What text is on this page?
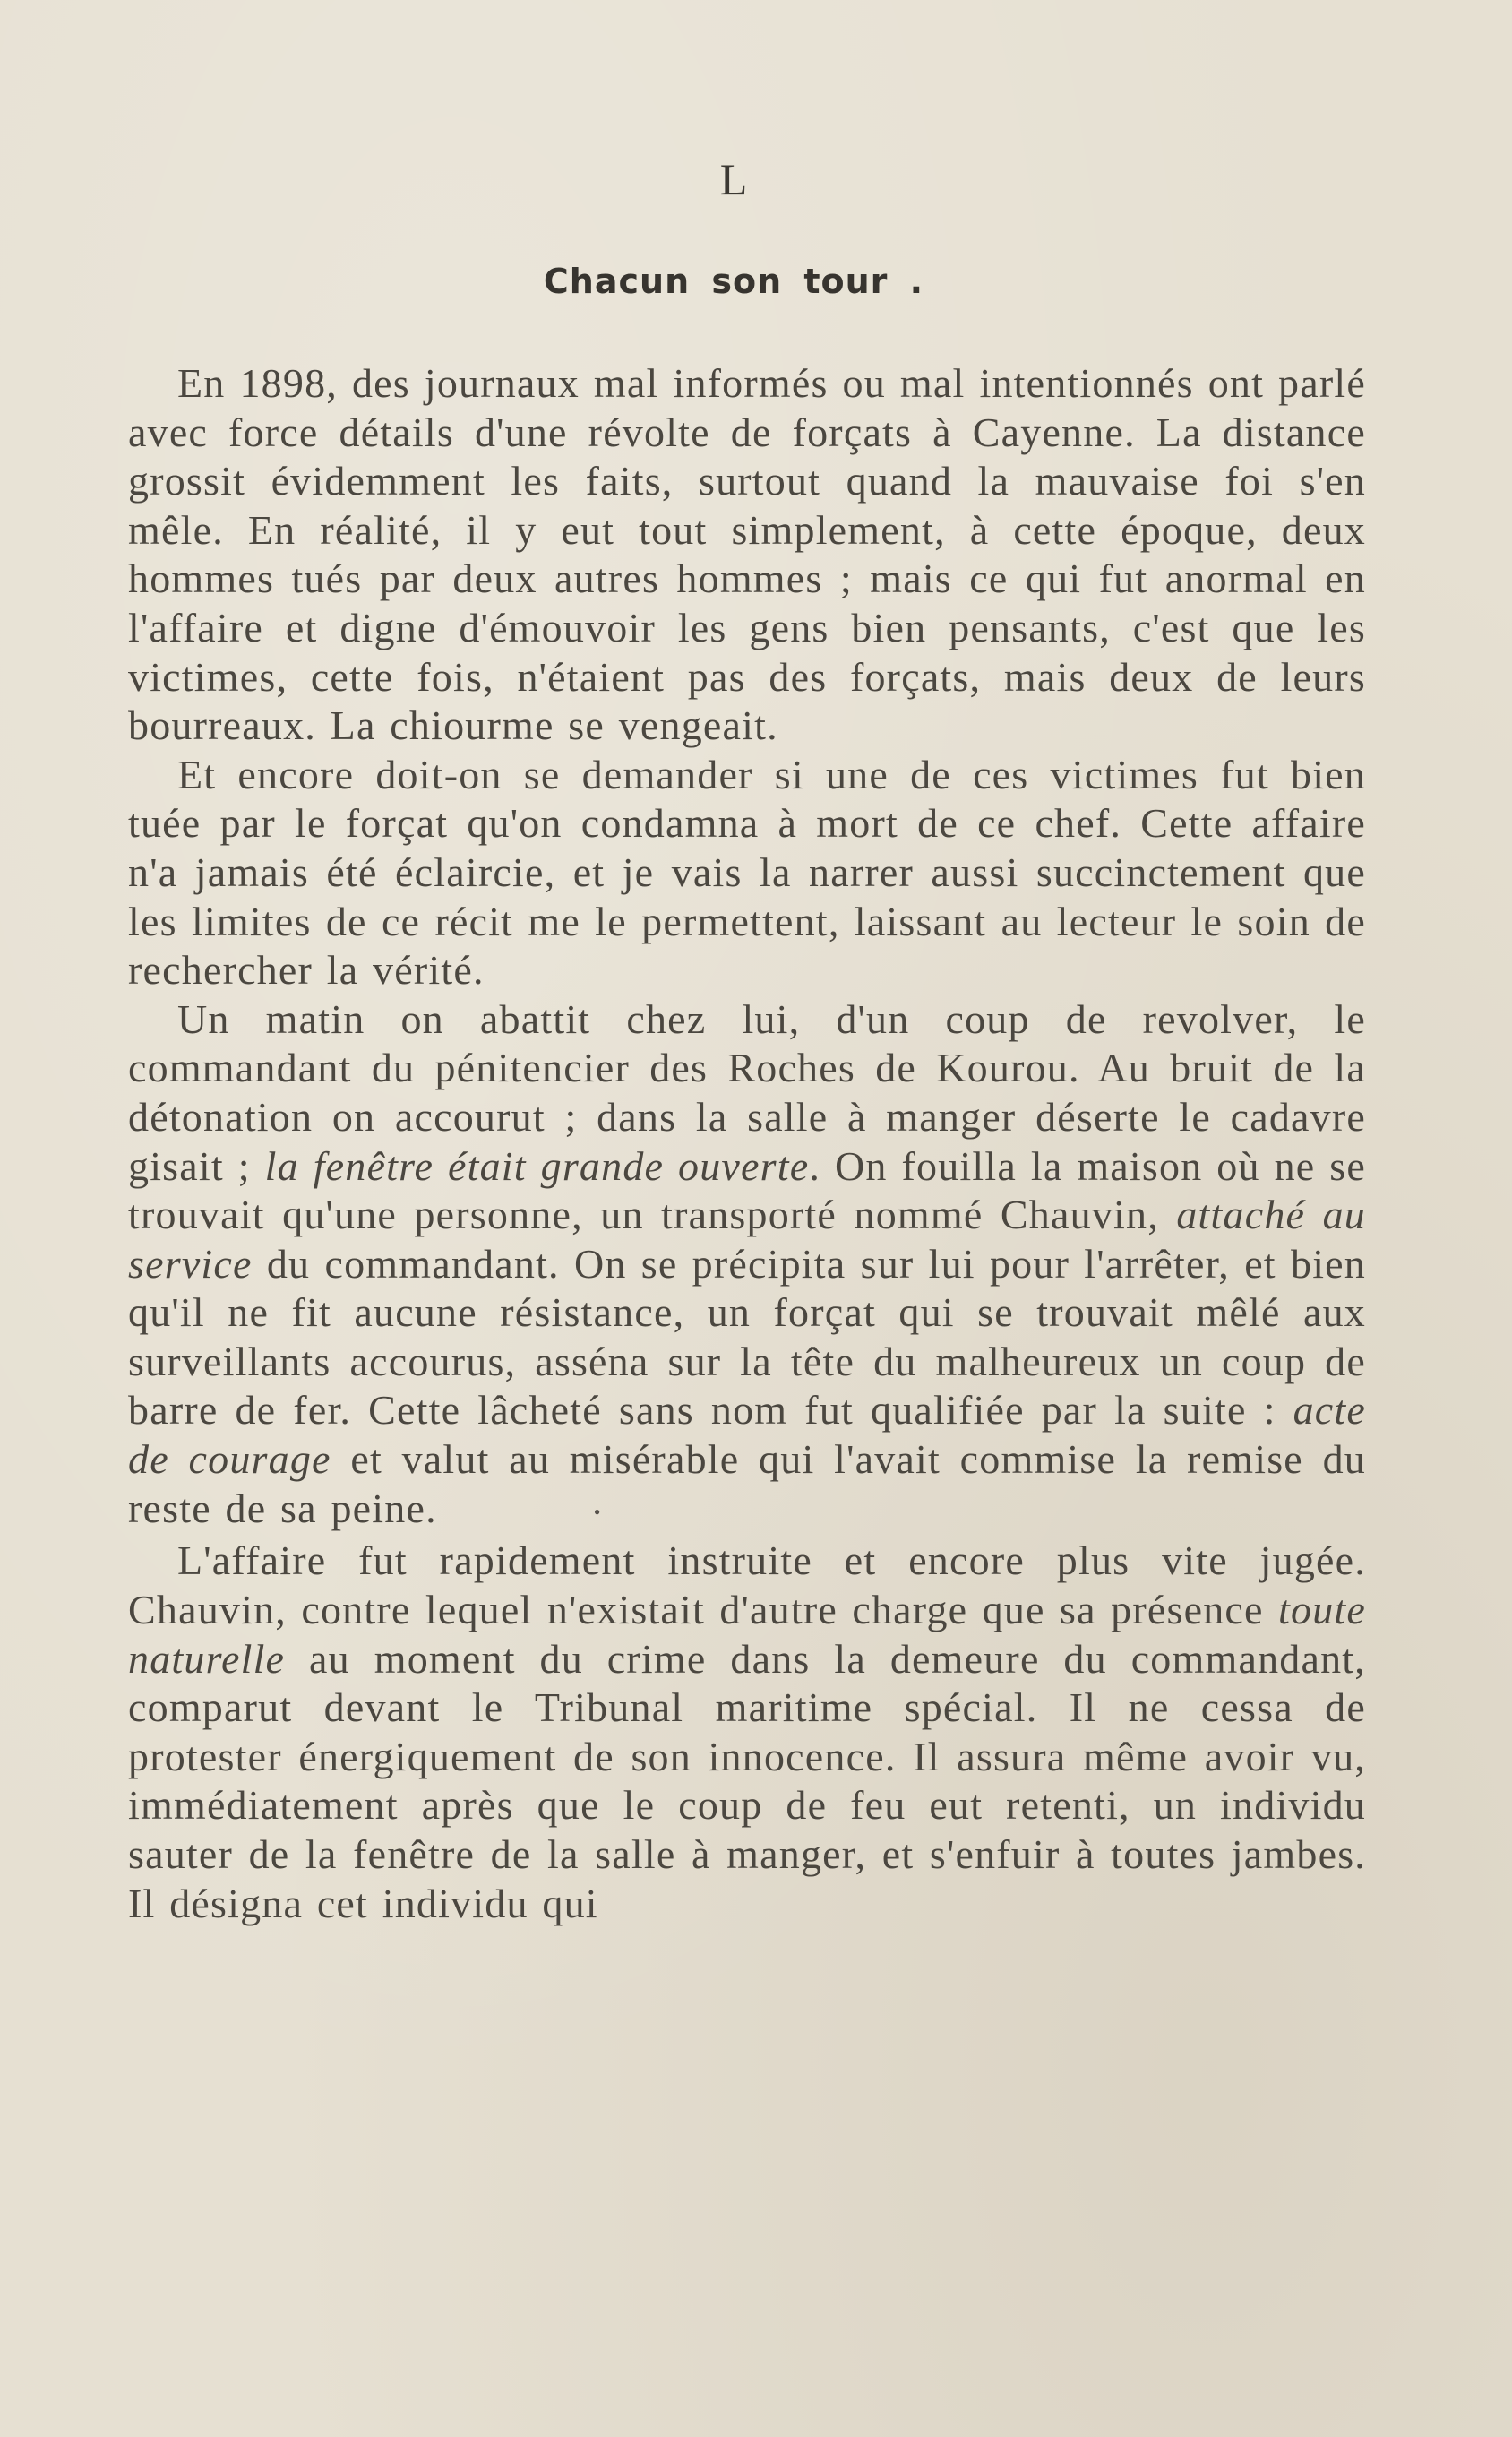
L
Chacun son tour .

En 1898, des journaux mal informés ou mal intentionnés ont parlé avec force détails d'une révolte de forçats à Cayenne. La distance grossit évidemment les faits, surtout quand la mauvaise foi s'en mêle. En réalité, il y eut tout simplement, à cette époque, deux hommes tués par deux autres hommes ; mais ce qui fut anormal en l'affaire et digne d'émouvoir les gens bien pensants, c'est que les victimes, cette fois, n'étaient pas des forçats, mais deux de leurs bourreaux. La chiourme se vengeait.

Et encore doit-on se demander si une de ces victimes fut bien tuée par le forçat qu'on condamna à mort de ce chef. Cette affaire n'a jamais été éclaircie, et je vais la narrer aussi succinctement que les limites de ce récit me le permettent, laissant au lecteur le soin de rechercher la vérité.

Un matin on abattit chez lui, d'un coup de revolver, le commandant du pénitencier des Roches de Kourou. Au bruit de la détonation on accourut ; dans la salle à manger déserte le cadavre gisait ; la fenêtre était grande ouverte. On fouilla la maison où ne se trouvait qu'une personne, un transporté nommé Chauvin, attaché au service du commandant. On se précipita sur lui pour l'arrêter, et bien qu'il ne fit aucune résistance, un forçat qui se trouvait mêlé aux surveillants accourus, asséna sur la tête du malheureux un coup de barre de fer. Cette lâcheté sans nom fut qualifiée par la suite : acte de courage et valut au misérable qui l'avait commise la remise du reste de sa peine.	•

L'affaire fut rapidement instruite et encore plus vite jugée. Chauvin, contre lequel n'existait d'autre charge que sa présence toute naturelle au moment du crime dans la demeure du commandant, comparut devant le Tribunal maritime spécial. Il ne cessa de protester énergiquement de son innocence. Il assura même avoir vu, immédiatement après que le coup de feu eut retenti, un individu sauter de la fenêtre de la salle à manger, et s'enfuir à toutes jambes. Il désigna cet individu qui
